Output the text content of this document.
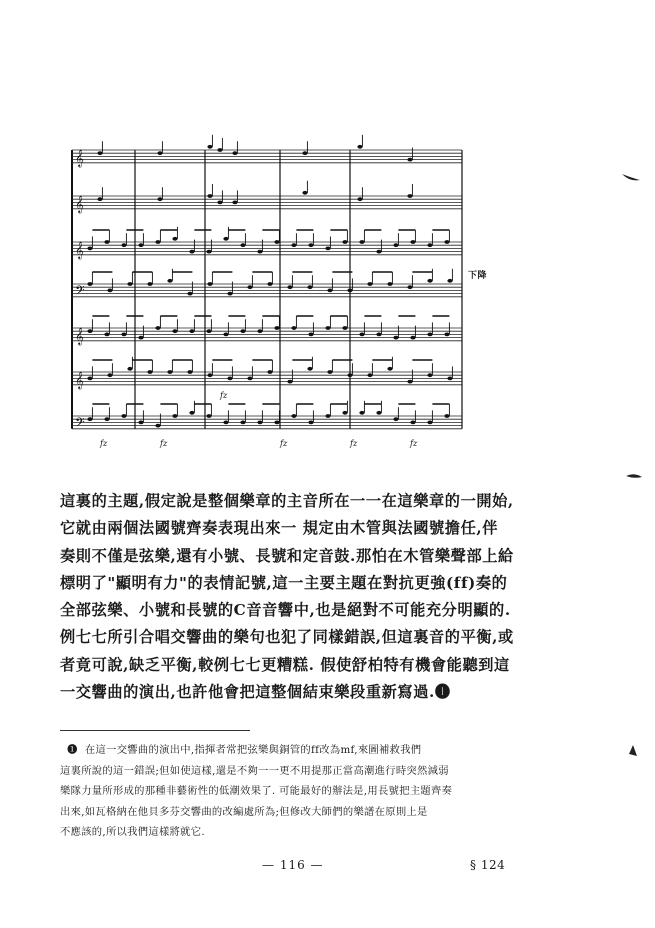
𝄞
𝄞
𝄞
𝄢
𝄞
𝄞
𝄢
fz	fz
fz
fz	fz	fz
下降

這裏的主題,假定說是整個樂章的主音所在一一在這樂章的一開始,

它就由兩個法國號齊奏表現出來一 規定由木管與法國號擔任,伴

奏則不僅是弦樂,還有小號、長號和定音鼓.那怕在木管樂聲部上給

標明了"顯明有力"的表情記號,這一主要主題在對抗更強(ff)奏的

全部弦樂、小號和長號的C音音響中,也是絕對不可能充分明顯的.

例七七所引合唱交響曲的樂句也犯了同樣錯誤,但這裏音的平衡,或

者竟可說,缺乏平衡,較例七七更糟糕. 假使舒柏特有機會能聽到這

一交響曲的演出,也許他會把這整個結束樂段重新寫過.❶

❶ 在這一交響曲的演出中,指揮者常把弦樂與銅管的ff改為mf,來圖補救我們

這裏所說的這一錯誤;但如使這樣,還是不夠一一更不用提那正當高潮進行時突然減弱

樂隊力量所形成的那種非藝術性的低潮效果了. 可能最好的辦法是,用長號把主題齊奏

出來,如瓦格納在他貝多芬交響曲的改編處所為;但修改大師們的樂譜在原則上是

不應該的,所以我們這樣將就它.

— 116 —	§ 124
